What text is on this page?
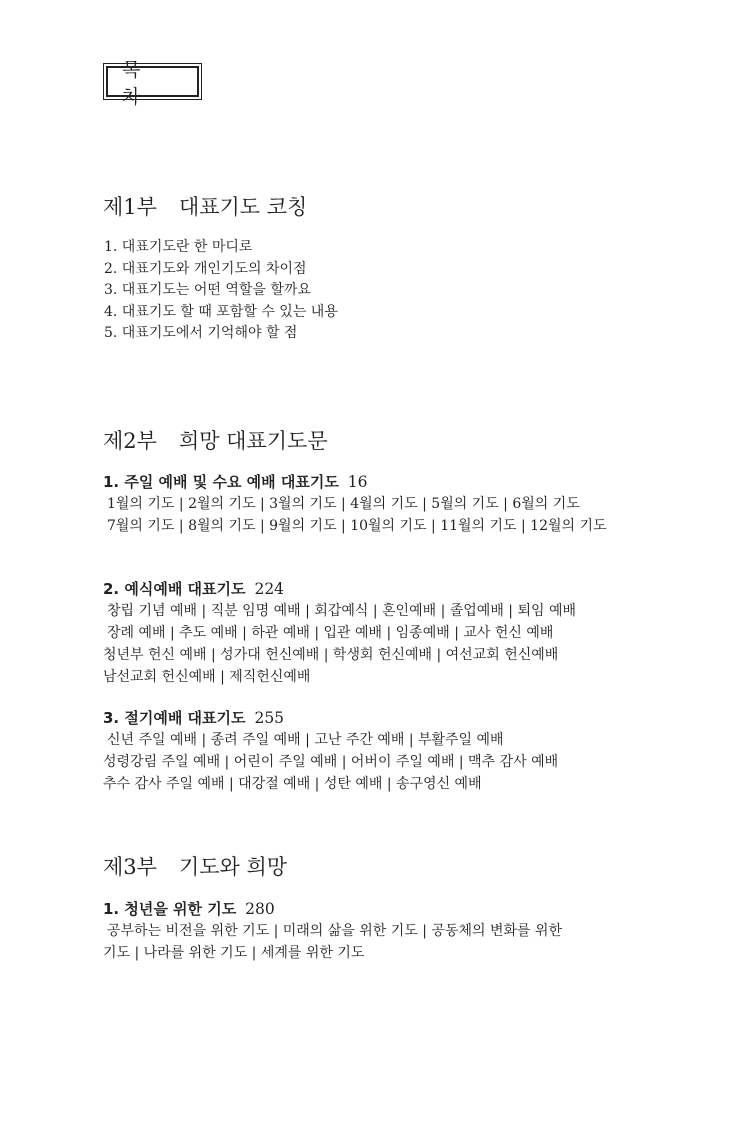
목 차
제1부 대표기도 코칭
1. 대표기도란 한 마디로
2. 대표기도와 개인기도의 차이점
3. 대표기도는 어떤 역할을 할까요
4. 대표기도 할 때 포함할 수 있는 내용
5. 대표기도에서 기억해야 할 점
제2부 희망 대표기도문
1. 주일 예배 및 수요 예배 대표기도 16
1월의 기도 | 2월의 기도 | 3월의 기도 | 4월의 기도 | 5월의 기도 | 6월의 기도
7월의 기도 | 8월의 기도 | 9월의 기도 | 10월의 기도 | 11월의 기도 | 12월의 기도
2. 예식예배 대표기도 224
창립 기념 예배 | 직분 임명 예배 | 회갑예식 | 혼인예배 | 졸업예배 | 퇴임 예배
장례 예배 | 추도 예배 | 하관 예배 | 입관 예배 | 임종예배 | 교사 헌신 예배
청년부 헌신 예배 | 성가대 헌신예배 | 학생회 헌신예배 | 여선교회 헌신예배
남선교회 헌신예배 | 제직헌신예배
3. 절기예배 대표기도 255
신년 주일 예배 | 종려 주일 예배 | 고난 주간 예배 | 부활주일 예배
성령강림 주일 예배 | 어린이 주일 예배 | 어버이 주일 예배 | 맥추 감사 예배
추수 감사 주일 예배 | 대강절 예배 | 성탄 예배 | 송구영신 예배
제3부 기도와 희망
1. 청년을 위한 기도 280
공부하는 비전을 위한 기도 | 미래의 삶을 위한 기도 | 공동체의 변화를 위한
기도 | 나라를 위한 기도 | 세계를 위한 기도
